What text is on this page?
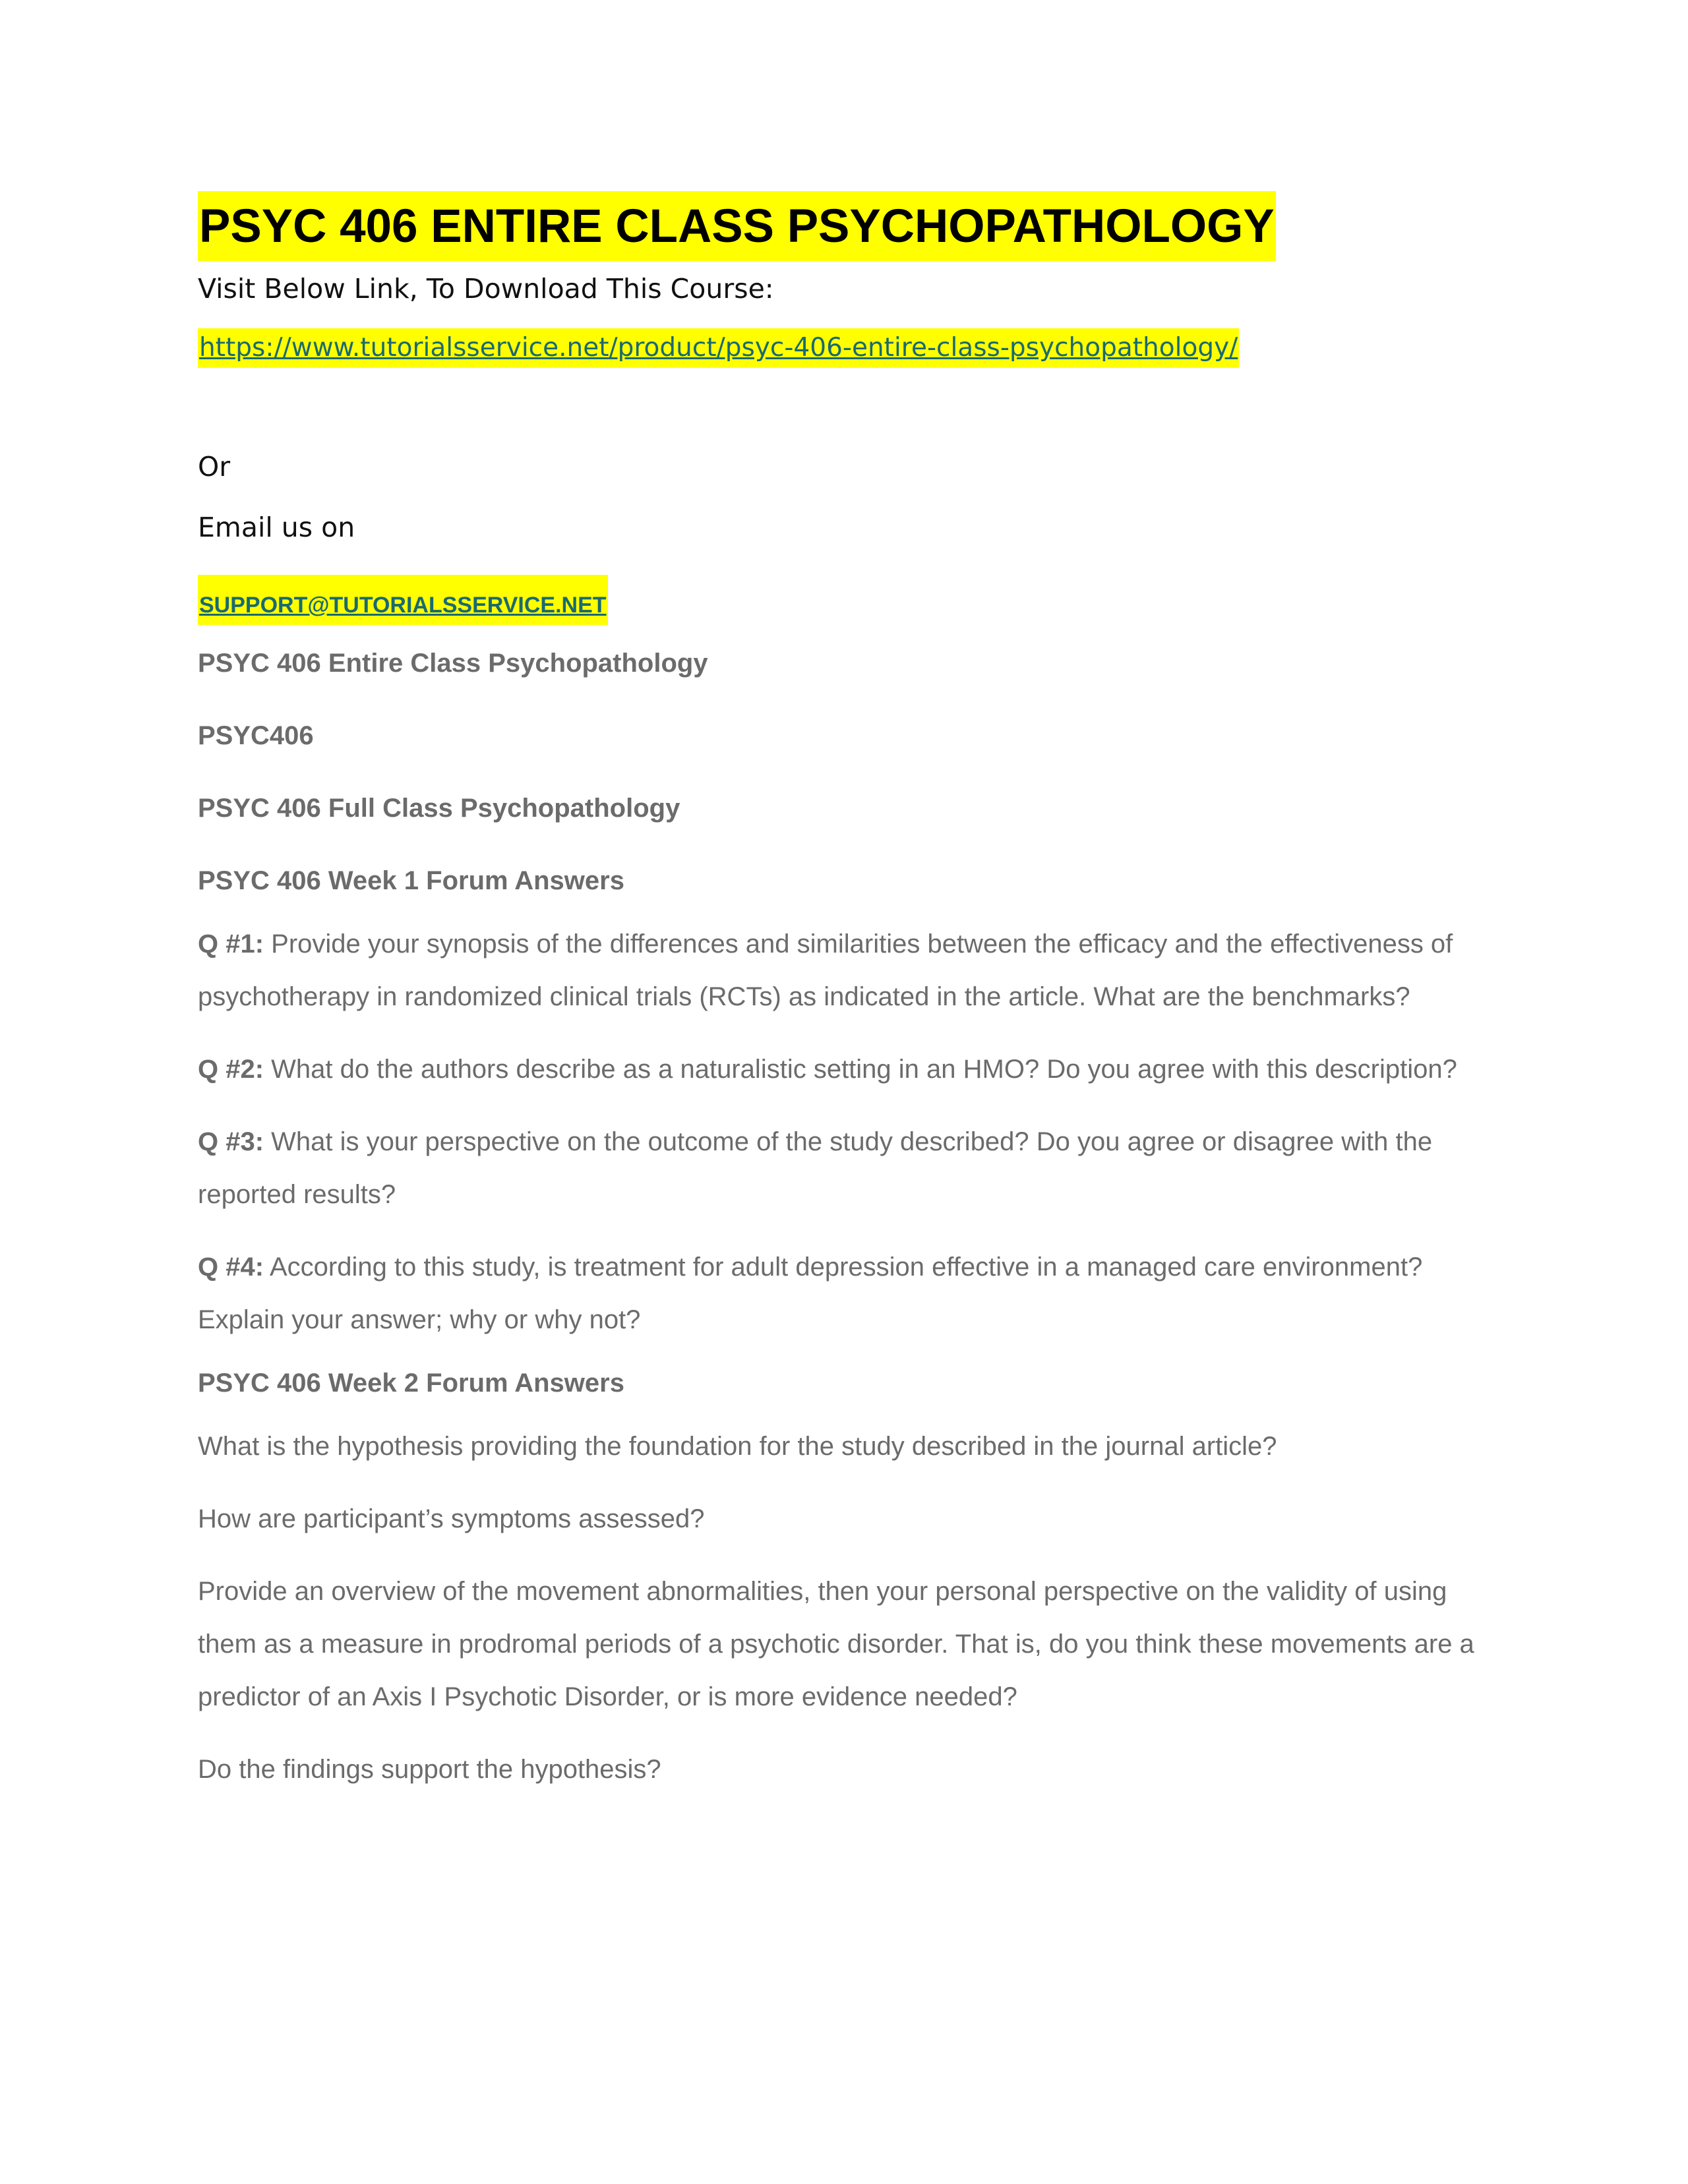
PSYC 406 ENTIRE CLASS PSYCHOPATHOLOGY

Visit Below Link, To Download This Course:

https://www.tutorialsservice.net/product/psyc-406-entire-class-psychopathology/

Or

Email us on

SUPPORT@TUTORIALSSERVICE.NET

PSYC 406 Entire Class Psychopathology

PSYC406

PSYC 406 Full Class Psychopathology

PSYC 406 Week 1 Forum Answers

Q #1: Provide your synopsis of the differences and similarities between the efficacy and the effectiveness of psychotherapy in randomized clinical trials (RCTs) as indicated in the article. What are the benchmarks?

Q #2: What do the authors describe as a naturalistic setting in an HMO? Do you agree with this description?

Q #3: What is your perspective on the outcome of the study described? Do you agree or disagree with the reported results?

Q #4: According to this study, is treatment for adult depression effective in a managed care environment? Explain your answer; why or why not?

PSYC 406 Week 2 Forum Answers

What is the hypothesis providing the foundation for the study described in the journal article?

How are participant’s symptoms assessed?

Provide an overview of the movement abnormalities, then your personal perspective on the validity of using them as a measure in prodromal periods of a psychotic disorder. That is, do you think these movements are a predictor of an Axis I Psychotic Disorder, or is more evidence needed?

Do the findings support the hypothesis?
